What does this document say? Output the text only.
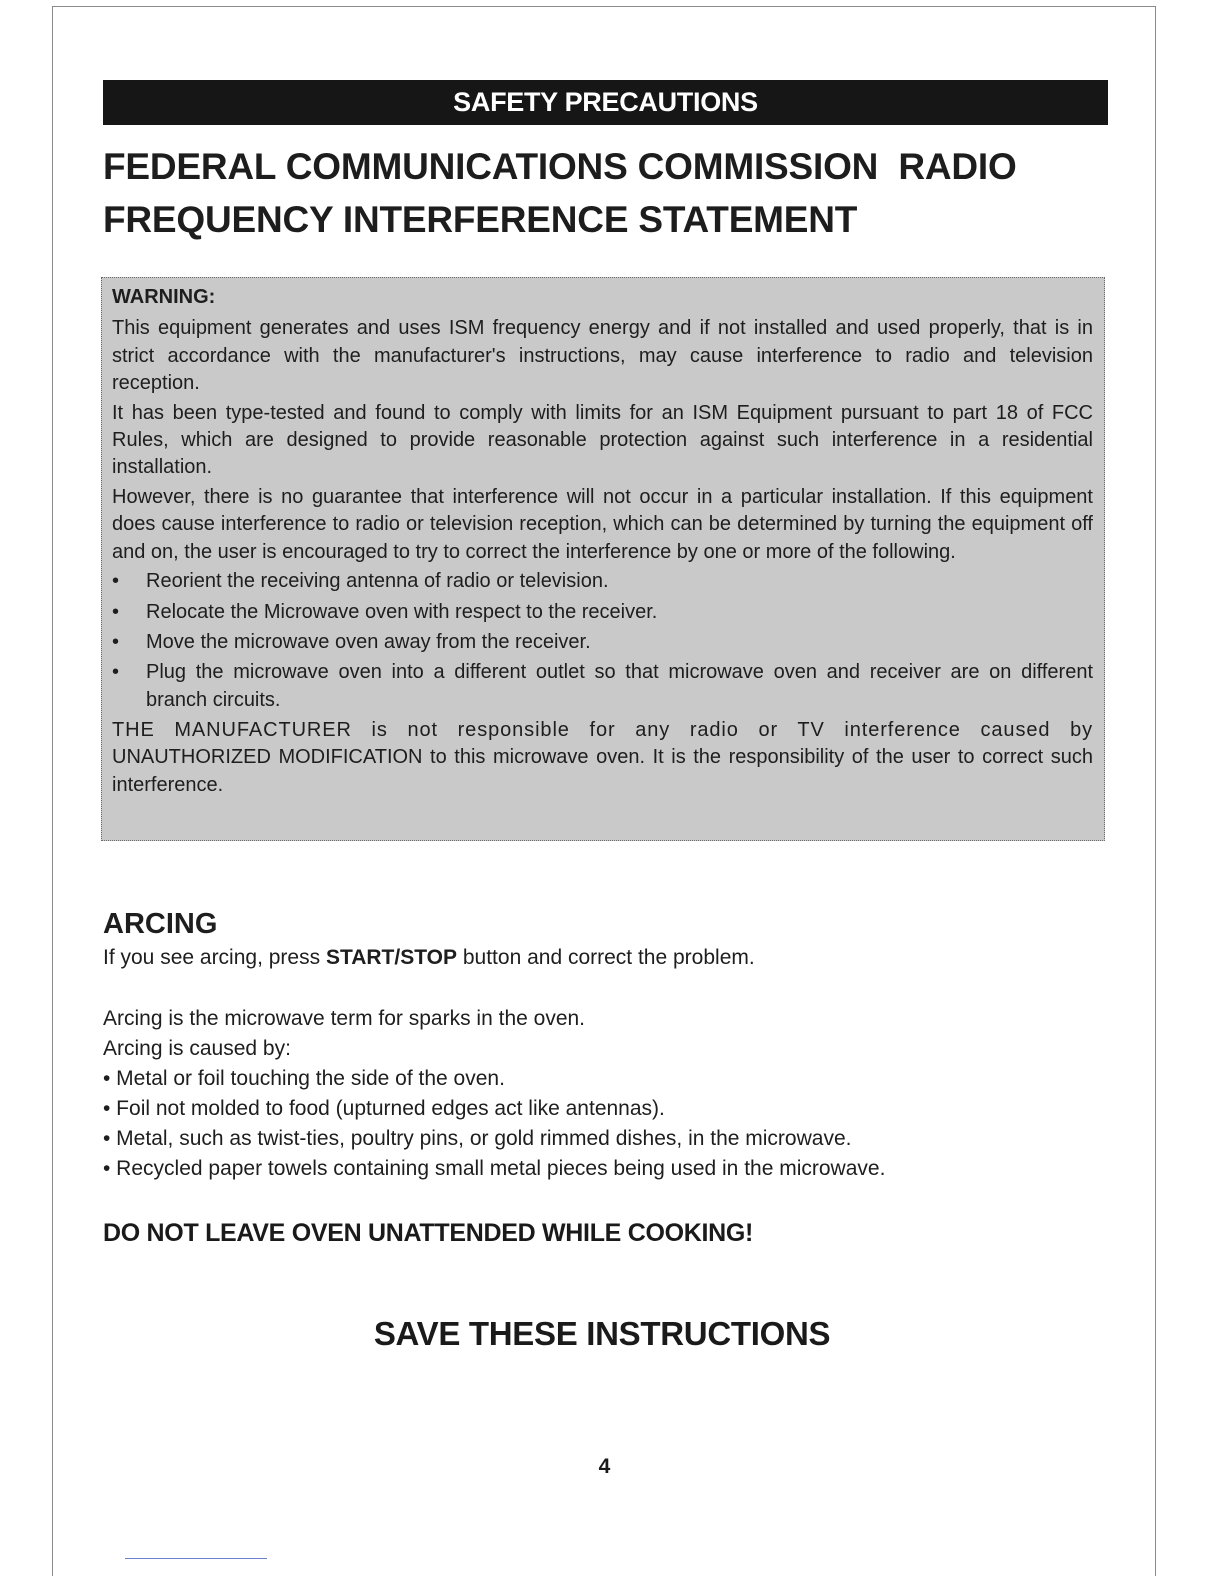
SAFETY PRECAUTIONS
FEDERAL COMMUNICATIONS COMMISSION  RADIO
FREQUENCY INTERFERENCE STATEMENT

WARNING:

This equipment generates and uses ISM frequency energy and if not installed and used properly, that is in strict accordance with the manufacturer's instructions, may cause interference to radio and television reception.

It has been type-tested and found to comply with limits for an ISM Equipment pursuant to part 18 of FCC Rules, which are designed to provide reasonable protection against such interference in a residential installation.

However, there is no guarantee that interference will not occur in a particular installation. If this equipment does cause interference to radio or television reception, which can be determined by turning the equipment off and on, the user is encouraged to try to correct the interference by one or more of the following.

• Reorient the receiving antenna of radio or television.
• Relocate the Microwave oven with respect to the receiver.
• Move the microwave oven away from the receiver.
• Plug the microwave oven into a different outlet so that microwave oven and receiver are on different branch circuits.

THE MANUFACTURER is not responsible for any radio or TV interference caused by UNAUTHORIZED MODIFICATION to this microwave oven. It is the responsibility of the user to correct such interference.

ARCING

If you see arcing, press START/STOP button and correct the problem.

Arcing is the microwave term for sparks in the oven.

Arcing is caused by:

• Metal or foil touching the side of the oven.
• Foil not molded to food (upturned edges act like antennas).
• Metal, such as twist-ties, poultry pins, or gold rimmed dishes, in the microwave.
• Recycled paper towels containing small metal pieces being used in the microwave.

DO NOT LEAVE OVEN UNATTENDED WHILE COOKING!

SAVE THESE INSTRUCTIONS

4
